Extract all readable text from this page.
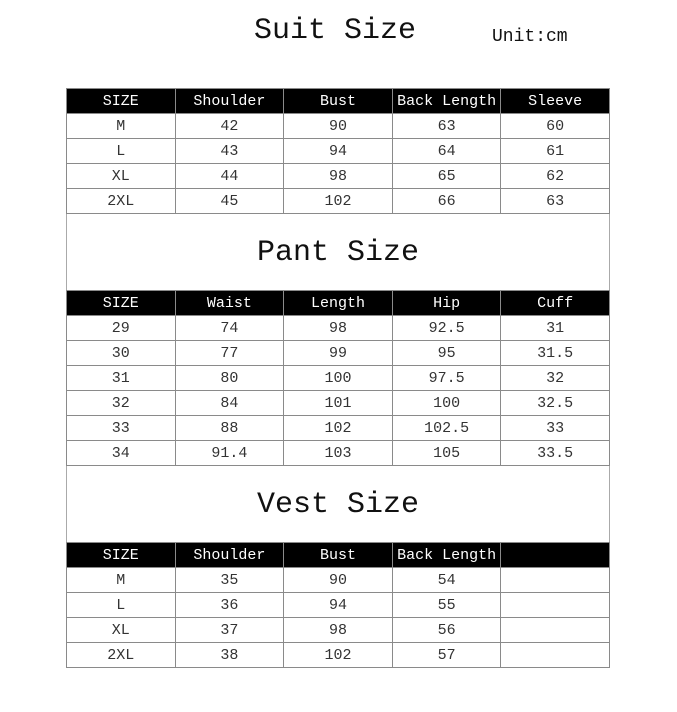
Suit Size	Unit:cm
SIZE	Shoulder	Bust	Back Length	Sleeve
M	42	90	63	60
L	43	94	64	61
XL	44	98	65	62
2XL	45	102	66	63
Pant Size
SIZE	Waist	Length	Hip	Cuff
29	74	98	92.5	31
30	77	99	95	31.5
31	80	100	97.5	32
32	84	101	100	32.5
33	88	102	102.5	33
34	91.4	103	105	33.5
Vest Size
SIZE	Shoulder	Bust	Back Length	
M	35	90	54	
L	36	94	55	
XL	37	98	56	
2XL	38	102	57	
